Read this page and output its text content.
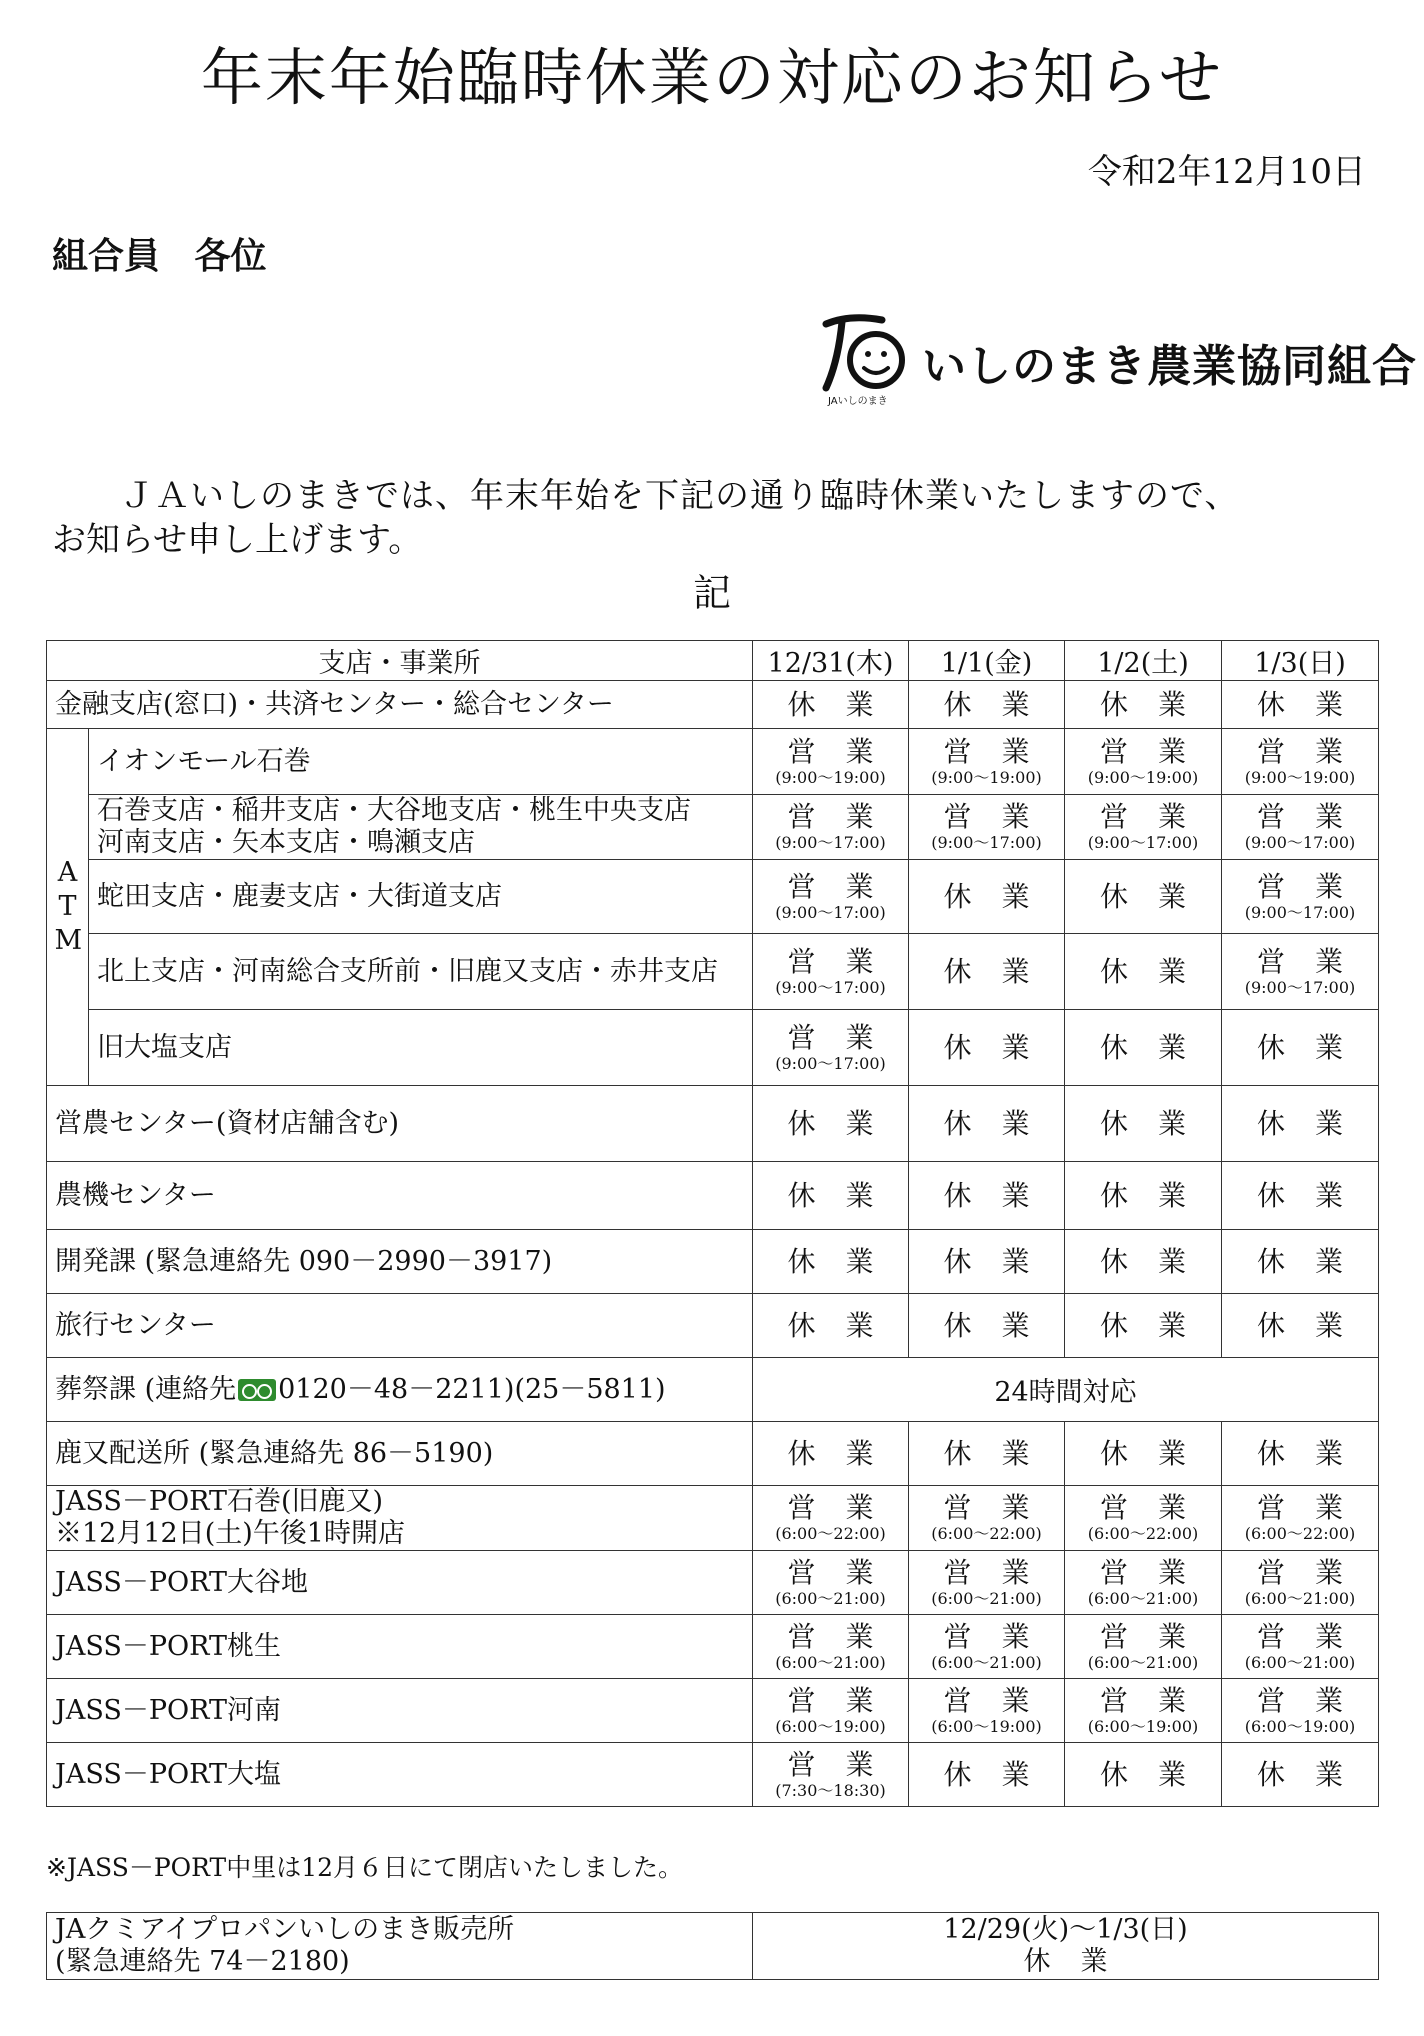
年末年始臨時休業の対応のお知らせ
令和2年12月10日
組合員 各位
JAいしのまき
いしのまき農業協同組合
ＪＡいしのまきでは、年末年始を下記の通り臨時休業いたしますので、
お知らせ申し上げます。
記
支店・事業所		12/31(木)	1/1(金)	1/2(土)	1/3(日)
金融支店(窓口)・共済センター・総合センター		休業	休業	休業	休業

A T M	イオンモール石巻	営業
(9:00〜19:00)	営業
(9:00〜19:00)	営業
(9:00〜19:00)	営業
(9:00〜19:00)

	石巻支店・稲井支店・大谷地支店・桃生中央支店
河南支店・矢本支店・鳴瀬支店	営業
(9:00〜17:00)	営業
(9:00〜17:00)	営業
(9:00〜17:00)	営業
(9:00〜17:00)

	蛇田支店・鹿妻支店・大街道支店	営業
(9:00〜17:00)	休業	休業	営業
(9:00〜17:00)

	北上支店・河南総合支所前・旧鹿又支店・赤井支店	営業
(9:00〜17:00)	休業	休業	営業
(9:00〜17:00)

	旧大塩支店	営業
(9:00〜17:00)	休業	休業	休業

営農センター(資材店舗含む)		休業	休業	休業	休業

農機センター		休業	休業	休業	休業

開発課 (緊急連絡先 090－2990－3917)		休業	休業	休業	休業

旅行センター		休業	休業	休業	休業

葬祭課 (連絡先 0120－48－2211)(25－5811)		24時間対応			
鹿又配送所 (緊急連絡先 86－5190)		休業	休業	休業	休業

JASS－PORT石巻(旧鹿又)
※12月12日(土)午後1時開店		営業
(6:00〜22:00)	営業
(6:00〜22:00)	営業
(6:00〜22:00)	営業
(6:00〜22:00)

JASS－PORT大谷地		営業
(6:00〜21:00)	営業
(6:00〜21:00)	営業
(6:00〜21:00)	営業
(6:00〜21:00)

JASS－PORT桃生		営業
(6:00〜21:00)	営業
(6:00〜21:00)	営業
(6:00〜21:00)	営業
(6:00〜21:00)

JASS－PORT河南		営業
(6:00〜19:00)	営業
(6:00〜19:00)	営業
(6:00〜19:00)	営業
(6:00〜19:00)

JASS－PORT大塩		営業
(7:30〜18:30)	休業	休業	休業
※JASS－PORT中里は12月６日にて閉店いたしました。
JAクミアイプロパンいしのまき販売所
(緊急連絡先 74－2180)	12/29(火)〜1/3(日)
休業
